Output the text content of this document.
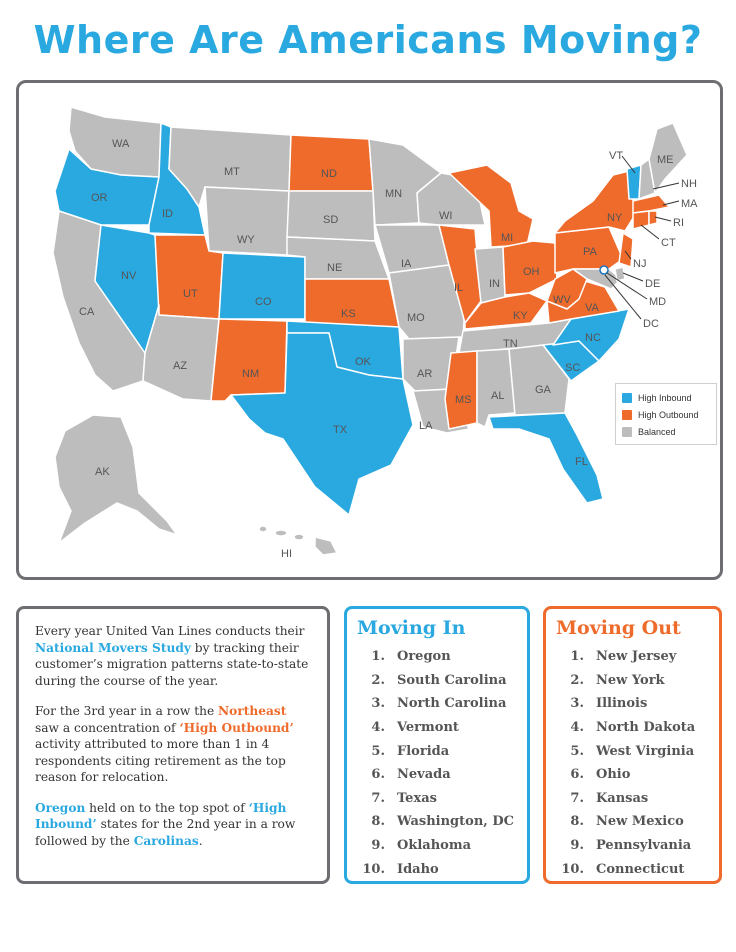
Where Are Americans Moving?
WA
OR
CA
ID
NV
MT
WY
UT
CO
AZ
NM
ND
SD
NE
KS
OK
TX
MN
IA
MO
AR
LA
WI
IL
MS
MI
IN
KY
TN
AL
OH
WV
GA
FL
SC
NC
VA
PA
NY
VT	ME
NH
MA
RI
CT
NJ
DE
MD
DC
AK
HI
High Inbound
High Outbound
Balanced

Every year United Van Lines conducts their National Movers Study by tracking their customer’s migration patterns state-to-state during the course of the year.

For the 3rd year in a row the Northeast saw a concentration of ‘High Outbound’ activity attributed to more than 1 in 4 respondents citing retirement as the top reason for relocation.

Oregon held on to the top spot of ‘High Inbound’ states for the 2nd year in a row followed by the Carolinas.

Moving In
1. Oregon
2. South Carolina
3. North Carolina
4. Vermont
5. Florida
6. Nevada
7. Texas
8. Washington, DC
9. Oklahoma
10. Idaho
Moving Out
1. New Jersey
2. New York
3. Illinois
4. North Dakota
5. West Virginia
6. Ohio
7. Kansas
8. New Mexico
9. Pennsylvania
10. Connecticut
